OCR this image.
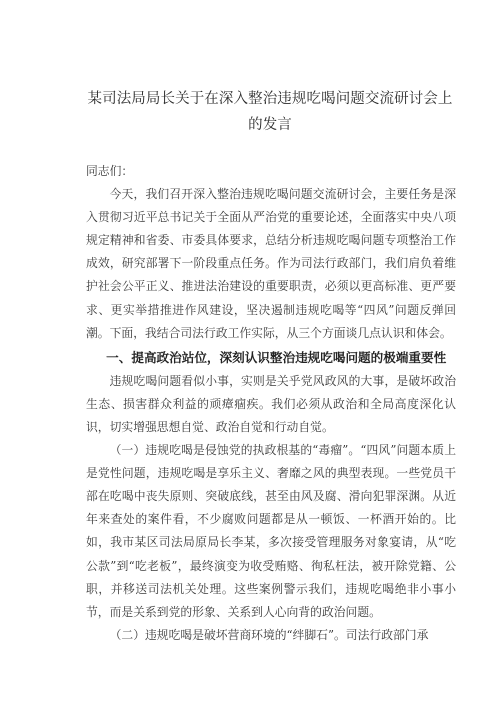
某司法局局长关于在深入整治违规吃喝问题交流研讨会上的发言

同志们：

今天，我们召开深入整治违规吃喝问题交流研讨会，主要任务是深入贯彻习近平总书记关于全面从严治党的重要论述，全面落实中央八项规定精神和省委、市委具体要求，总结分析违规吃喝问题专项整治工作成效，研究部署下一阶段重点任务。作为司法行政部门，我们肩负着维护社会公平正义、推进法治建设的重要职责，必须以更高标准、更严要求、更实举措推进作风建设，坚决遏制违规吃喝等“四风”问题反弹回潮。下面，我结合司法行政工作实际，从三个方面谈几点认识和体会。

一、提高政治站位，深刻认识整治违规吃喝问题的极端重要性

违规吃喝问题看似小事，实则是关乎党风政风的大事，是破坏政治生态、损害群众利益的顽瘴痼疾。我们必须从政治和全局高度深化认识，切实增强思想自觉、政治自觉和行动自觉。

（一）违规吃喝是侵蚀党的执政根基的“毒瘤”。“四风”问题本质上是党性问题，违规吃喝是享乐主义、奢靡之风的典型表现。一些党员干部在吃喝中丧失原则、突破底线，甚至由风及腐、滑向犯罪深渊。从近年来查处的案件看，不少腐败问题都是从一顿饭、一杯酒开始的。比如，我市某区司法局原局长李某，多次接受管理服务对象宴请，从“吃公款”到“吃老板”，最终演变为收受贿赂、徇私枉法，被开除党籍、公职，并移送司法机关处理。这些案例警示我们，违规吃喝绝非小事小节，而是关系到党的形象、关系到人心向背的政治问题。

（二）违规吃喝是破坏营商环境的“绊脚石”。司法行政部门承
